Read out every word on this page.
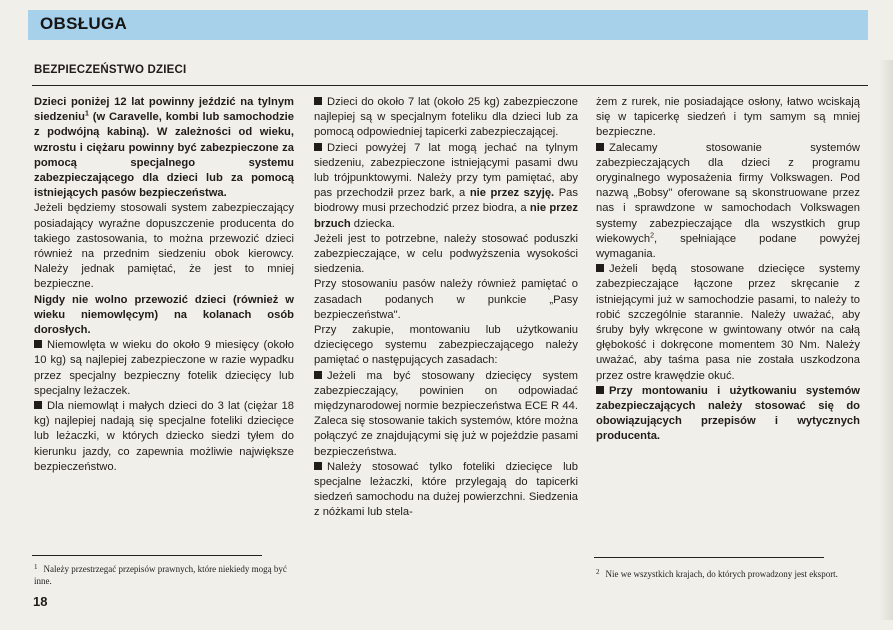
OBSŁUGA
BEZPIECZEŃSTWO DZIECI

Dzieci poniżej 12 lat powinny jeździć na tylnym siedzeniu$^1$ (w Caravelle, kombi lub samochodzie z podwójną kabiną). W zależności od wieku, wzrostu i ciężaru powinny być zabezpieczone za pomocą specjalnego systemu zabezpieczającego dla dzieci lub za pomocą istniejących pasów bezpieczeństwa.

Jeżeli będziemy stosowali system zabezpieczający posiadający wyraźne dopuszczenie producenta do takiego zastosowania, to można przewozić dzieci również na przednim siedzeniu obok kierowcy. Należy jednak pamiętać, że jest to mniej bezpieczne.

Nigdy nie wolno przewozić dzieci (również w wieku niemowlęcym) na kolanach osób dorosłych.

Niemowlęta w wieku do około 9 miesięcy (około 10 kg) są najlepiej zabezpieczone w razie wypadku przez specjalny bezpieczny fotelik dziecięcy lub specjalny leżaczek.

Dla niemowląt i małych dzieci do 3 lat (ciężar 18 kg) najlepiej nadają się specjalne foteliki dziecięce lub leżaczki, w których dziecko siedzi tyłem do kierunku jazdy, co zapewnia możliwie największe bezpieczeństwo.

Dzieci do około 7 lat (około 25 kg) zabezpieczone najlepiej są w specjalnym foteliku dla dzieci lub za pomocą odpowiedniej tapicerki zabezpieczającej.

Dzieci powyżej 7 lat mogą jechać na tylnym siedzeniu, zabezpieczone istniejącymi pasami dwu lub trójpunktowymi. Należy przy tym pamiętać, aby pas przechodził przez bark, a nie przez szyję. Pas biodrowy musi przechodzić przez biodra, a nie przez brzuch dziecka.

Jeżeli jest to potrzebne, należy stosować poduszki zabezpieczające, w celu podwyższenia wysokości siedzenia.

Przy stosowaniu pasów należy również pamiętać o zasadach podanych w punkcie „Pasy bezpieczeństwa".

Przy zakupie, montowaniu lub użytkowaniu dziecięcego systemu zabezpieczającego należy pamiętać o następujących zasadach:

Jeżeli ma być stosowany dziecięcy system zabezpieczający, powinien on odpowiadać międzynarodowej normie bezpieczeństwa ECE R 44. Zaleca się stosowanie takich systemów, które można połączyć ze znajdującymi się już w pojeździe pasami bezpieczeństwa.

Należy stosować tylko foteliki dziecięce lub specjalne leżaczki, które przylegają do tapicerki siedzeń samochodu na dużej powierzchni. Siedzenia z nóżkami lub stela-

żem z rurek, nie posiadające osłony, łatwo wciskają się w tapicerkę siedzeń i tym samym są mniej bezpieczne.

Zalecamy stosowanie systemów zabezpieczających dla dzieci z programu oryginalnego wyposażenia firmy Volkswagen. Pod nazwą „Bobsy" oferowane są skonstruowane przez nas i sprawdzone w samochodach Volkswagen systemy zabezpieczające dla wszystkich grup wiekowych$^2$, spełniające podane powyżej wymagania.

Jeżeli będą stosowane dziecięce systemy zabezpieczające łączone przez skręcanie z istniejącymi już w samochodzie pasami, to należy to robić szczególnie starannie. Należy uważać, aby śruby były wkręcone w gwintowany otwór na całą głębokość i dokręcone momentem 30 Nm. Należy uważać, aby taśma pasa nie została uszkodzona przez ostre krawędzie okuć.

Przy montowaniu i użytkowaniu systemów zabezpieczających należy stosować się do obowiązujących przepisów i wytycznych producenta.

$^1$ Należy przestrzegać przepisów prawnych, które niekiedy mogą być inne.
$^2$ Nie we wszystkich krajach, do których prowadzony jest eksport.
18
